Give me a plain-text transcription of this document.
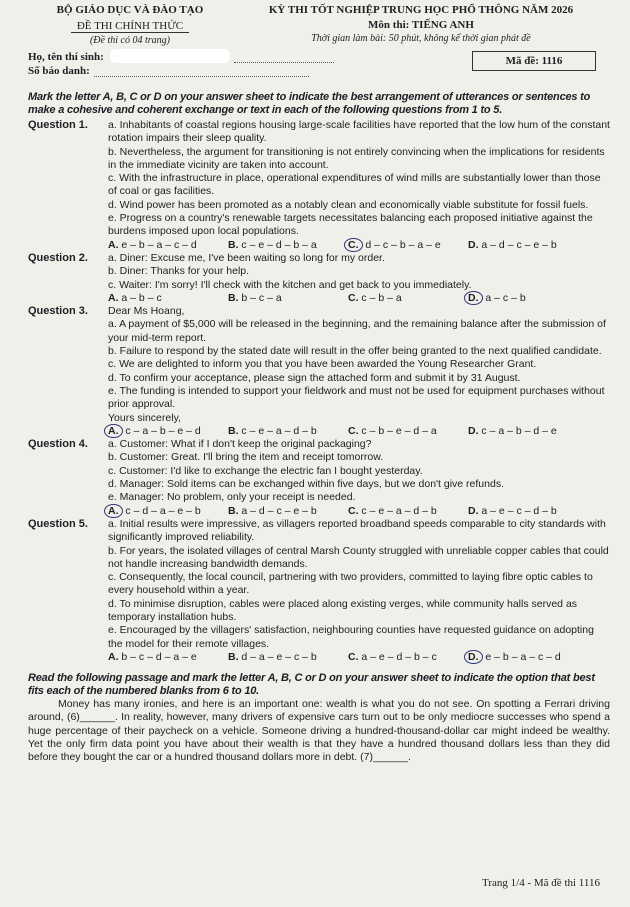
BỘ GIÁO DỤC VÀ ĐÀO TẠO
ĐỀ THI CHÍNH THỨC
(Đề thi có 04 trang)
KỲ THI TỐT NGHIỆP TRUNG HỌC PHỔ THÔNG NĂM 2026
Môn thi: TIẾNG ANH
Thời gian làm bài: 50 phút, không kể thời gian phát đề
Họ, tên thí sinh:
Số báo danh:
Mã đề: 1116
Mark the letter A, B, C or D on your answer sheet to indicate the best arrangement of utterances or sentences to make a cohesive and coherent exchange or text in each of the following questions from 1 to 5.
Question 1. a. Inhabitants of coastal regions housing large-scale facilities have reported that the low hum of the constant rotation impairs their sleep quality.
b. Nevertheless, the argument for transitioning is not entirely convincing when the implications for residents in the immediate vicinity are taken into account.
c. With the infrastructure in place, operational expenditures of wind mills are substantially lower than those of coal or gas facilities.
d. Wind power has been promoted as a notably clean and economically viable substitute for fossil fuels.
e. Progress on a country's renewable targets necessitates balancing each proposed initiative against the burdens imposed upon local populations.
A. e – b – a – c – d	B. c – e – d – b – a	C. d – c – b – a – e	D. a – d – c – e – b
Question 2. a. Diner: Excuse me, I've been waiting so long for my order.
b. Diner: Thanks for your help.
c. Waiter: I'm sorry! I'll check with the kitchen and get back to you immediately.
A. a – b – c	B. b – c – a	C. c – b – a	D. a – c – b
Question 3. Dear Ms Hoang,
a. A payment of $5,000 will be released in the beginning, and the remaining balance after the submission of your mid-term report.
b. Failure to respond by the stated date will result in the offer being granted to the next qualified candidate.
c. We are delighted to inform you that you have been awarded the Young Researcher Grant.
d. To confirm your acceptance, please sign the attached form and submit it by 31 August.
e. The funding is intended to support your fieldwork and must not be used for equipment purchases without prior approval.
Yours sincerely,
A. c – a – b – e – d	B. c – e – a – d – b	C. c – b – e – d – a	D. c – a – b – d – e
Question 4. a. Customer: What if I don't keep the original packaging?
b. Customer: Great. I'll bring the item and receipt tomorrow.
c. Customer: I'd like to exchange the electric fan I bought yesterday.
d. Manager: Sold items can be exchanged within five days, but we don't give refunds.
e. Manager: No problem, only your receipt is needed.
A. c – d – a – e – b	B. a – d – c – e – b	C. c – e – a – d – b	D. a – e – c – d – b
Question 5. a. Initial results were impressive, as villagers reported broadband speeds comparable to city standards with significantly improved reliability.
b. For years, the isolated villages of central Marsh County struggled with unreliable copper cables that could not handle increasing bandwidth demands.
c. Consequently, the local council, partnering with two providers, committed to laying fibre optic cables to every household within a year.
d. To minimise disruption, cables were placed along existing verges, while community halls served as temporary installation hubs.
e. Encouraged by the villagers' satisfaction, neighbouring counties have requested guidance on adopting the model for their remote villages.
A. b – c – d – a – e	B. d – a – e – c – b	C. a – e – d – b – c	D. e – b – a – c – d
Read the following passage and mark the letter A, B, C or D on your answer sheet to indicate the option that best fits each of the numbered blanks from 6 to 10.
Money has many ironies, and here is an important one: wealth is what you do not see. On spotting a Ferrari driving around, (6)______. In reality, however, many drivers of expensive cars turn out to be only mediocre successes who spend a huge percentage of their paycheck on a vehicle. Someone driving a hundred-thousand-dollar car might indeed be wealthy. Yet the only firm data point you have about their wealth is that they have a hundred thousand dollars less than they did before they bought the car or a hundred thousand dollars more in debt. (7)______.
Trang 1/4 - Mã đề thi 1116
